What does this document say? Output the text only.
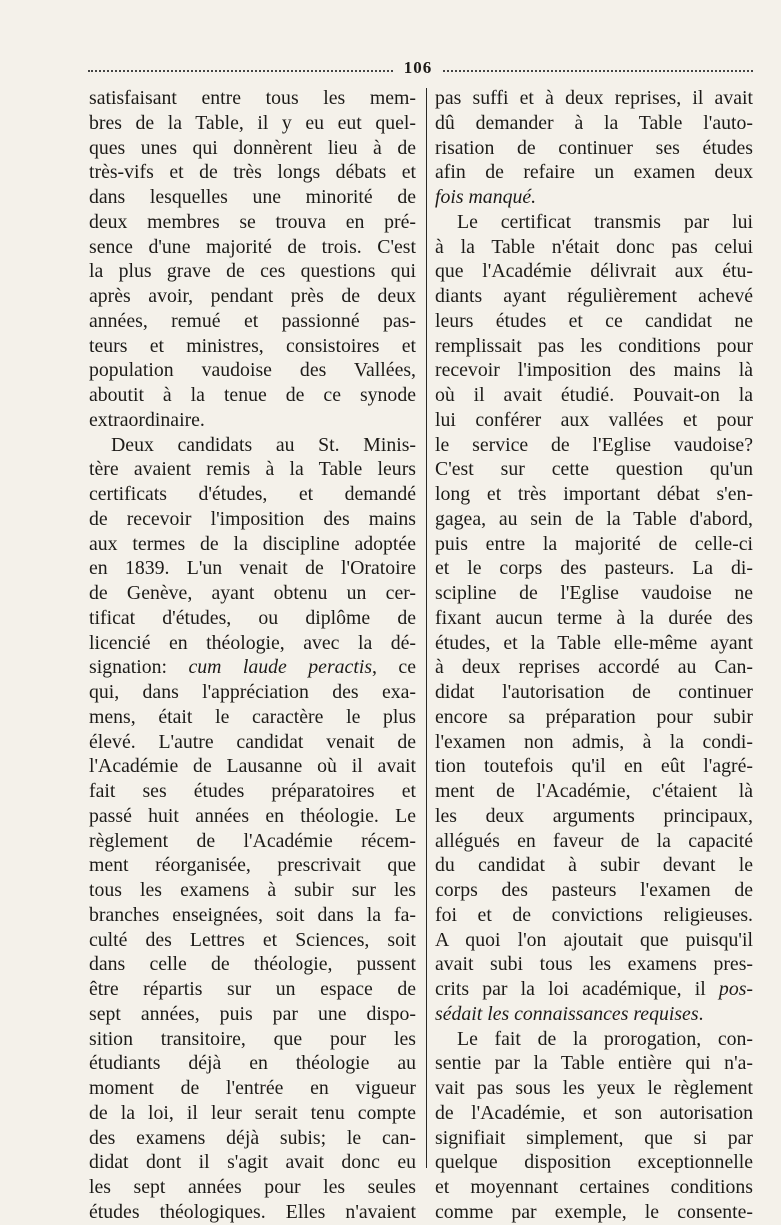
106
satisfaisant entre tous les mem-
bres de la Table, il y eu eut quel-
ques unes qui donnèrent lieu à de
très-vifs et de très longs débats et
dans lesquelles une minorité de
deux membres se trouva en pré-
sence d'une majorité de trois. C'est
la plus grave de ces questions qui
après avoir, pendant près de deux
années, remué et passionné pas-
teurs et ministres, consistoires et
population vaudoise des Vallées,
aboutit à la tenue de ce synode
extraordinaire.
Deux candidats au St. Minis-
tère avaient remis à la Table leurs
certificats d'études, et demandé
de recevoir l'imposition des mains
aux termes de la discipline adoptée
en 1839. L'un venait de l'Oratoire
de Genève, ayant obtenu un cer-
tificat d'études, ou diplôme de
licencié en théologie, avec la dé-
signation: cum laude peractis, ce
qui, dans l'appréciation des exa-
mens, était le caractère le plus
élevé. L'autre candidat venait de
l'Académie de Lausanne où il avait
fait ses études préparatoires et
passé huit années en théologie. Le
règlement de l'Académie récem-
ment réorganisée, prescrivait que
tous les examens à subir sur les
branches enseignées, soit dans la fa-
culté des Lettres et Sciences, soit
dans celle de théologie, pussent
être répartis sur un espace de
sept années, puis par une dispo-
sition transitoire, que pour les
étudiants déjà en théologie au
moment de l'entrée en vigueur
de la loi, il leur serait tenu compte
des examens déjà subis; le can-
didat dont il s'agit avait donc eu
les sept années pour les seules
études théologiques. Elles n'avaient
pas suffi et à deux reprises, il avait
dû demander à la Table l'auto-
risation de continuer ses études
afin de refaire un examen deux
fois manqué.
Le certificat transmis par lui
à la Table n'était donc pas celui
que l'Académie délivrait aux étu-
diants ayant régulièrement achevé
leurs études et ce candidat ne
remplissait pas les conditions pour
recevoir l'imposition des mains là
où il avait étudié. Pouvait-on la
lui conférer aux vallées et pour
le service de l'Eglise vaudoise?
C'est sur cette question qu'un
long et très important débat s'en-
gagea, au sein de la Table d'abord,
puis entre la majorité de celle-ci
et le corps des pasteurs. La di-
scipline de l'Eglise vaudoise ne
fixant aucun terme à la durée des
études, et la Table elle-même ayant
à deux reprises accordé au Can-
didat l'autorisation de continuer
encore sa préparation pour subir
l'examen non admis, à la condi-
tion toutefois qu'il en eût l'agré-
ment de l'Académie, c'étaient là
les deux arguments principaux,
allégués en faveur de la capacité
du candidat à subir devant le
corps des pasteurs l'examen de
foi et de convictions religieuses.
A quoi l'on ajoutait que puisqu'il
avait subi tous les examens pres-
crits par la loi académique, il pos-
sédait les connaissances requises.
Le fait de la prorogation, con-
sentie par la Table entière qui n'a-
vait pas sous les yeux le règlement
de l'Académie, et son autorisation
signifiait simplement, que si par
quelque disposition exceptionnelle
et moyennant certaines conditions
comme par exemple, le consente-
